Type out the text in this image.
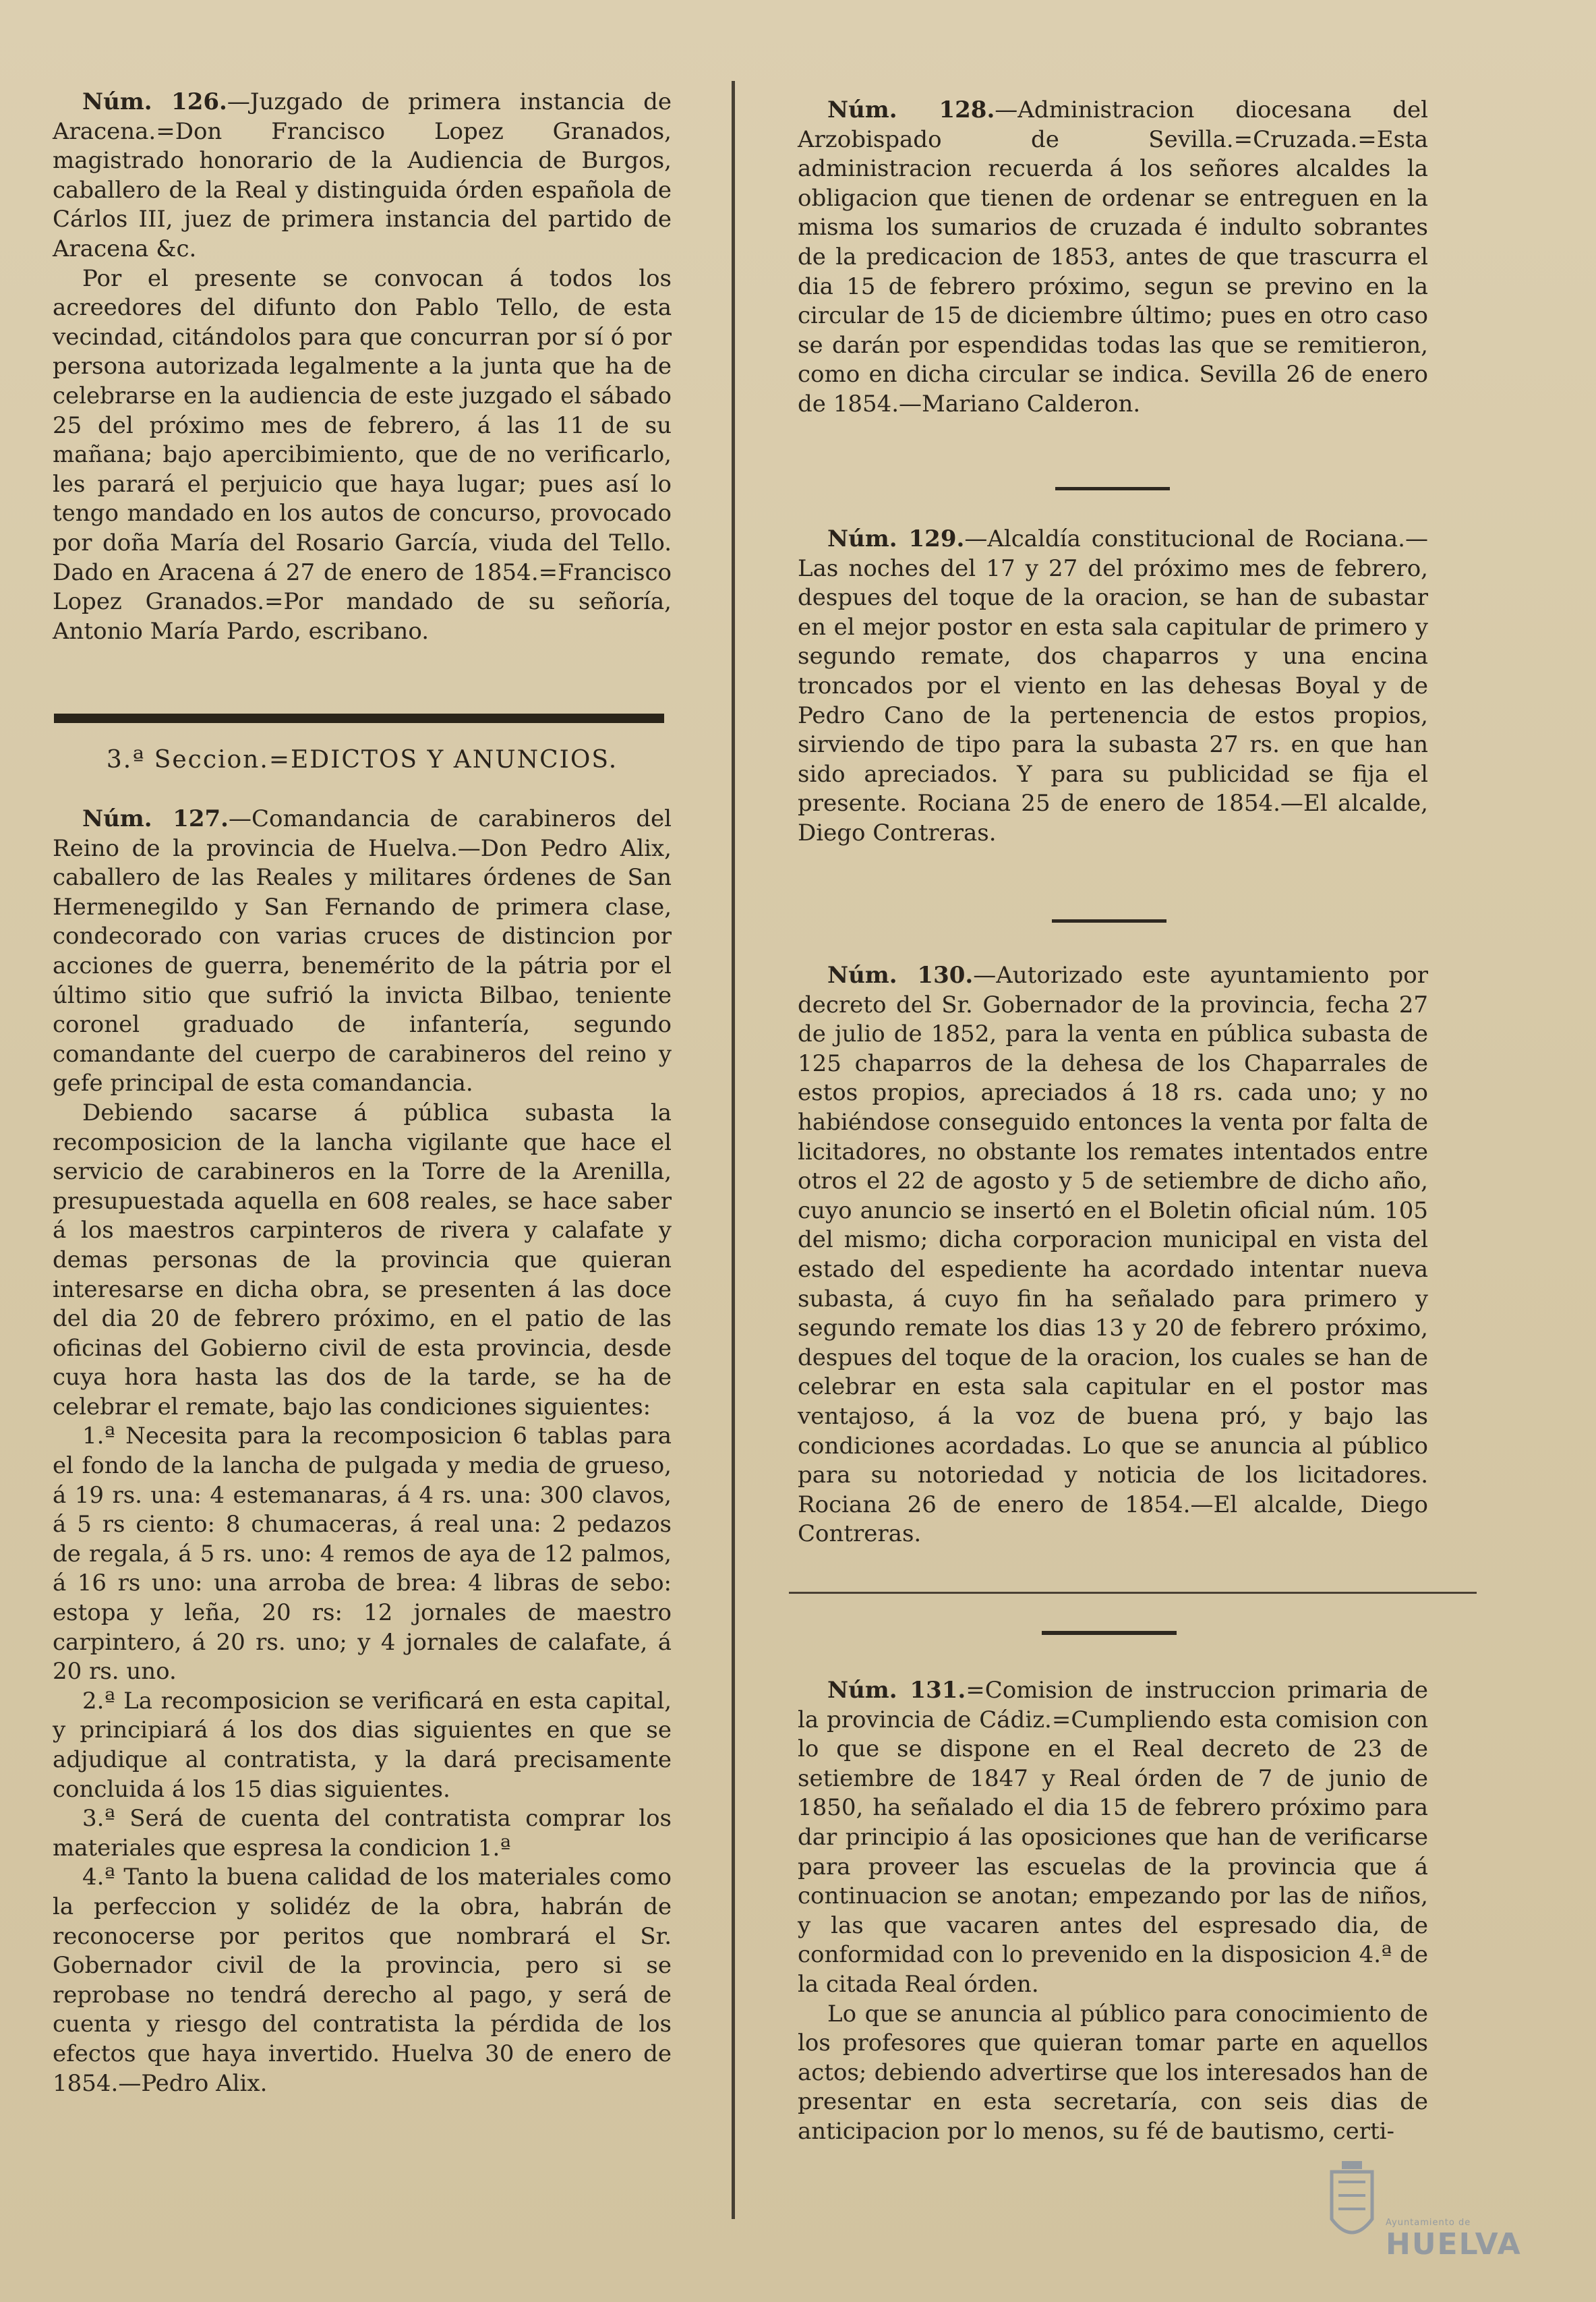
Núm. 126.—Juzgado de primera instancia de Aracena.=Don Francisco Lopez Granados, magistrado honorario de la Audiencia de Burgos, caballero de la Real y distinguida órden española de Cárlos III, juez de primera instancia del partido de Aracena &c.

Por el presente se convocan á todos los acreedores del difunto don Pablo Tello, de esta vecindad, citándolos para que concurran por sí ó por persona autorizada legalmente a la junta que ha de celebrarse en la audiencia de este juzgado el sábado 25 del próximo mes de febrero, á las 11 de su mañana; bajo apercibimiento, que de no verificarlo, les parará el perjuicio que haya lugar; pues así lo tengo mandado en los autos de concurso, provocado por doña María del Rosario García, viuda del Tello. Dado en Aracena á 27 de enero de 1854.=Francisco Lopez Granados.=Por mandado de su señoría, Antonio María Pardo, escribano.

3.ª Seccion.=EDICTOS Y ANUNCIOS.

Núm. 127.—Comandancia de carabineros del Reino de la provincia de Huelva.—Don Pedro Alix, caballero de las Reales y militares órdenes de San Hermenegildo y San Fernando de primera clase, condecorado con varias cruces de distincion por acciones de guerra, benemérito de la pátria por el último sitio que sufrió la invicta Bilbao, teniente coronel graduado de infantería, segundo comandante del cuerpo de carabineros del reino y gefe principal de esta comandancia.

Debiendo sacarse á pública subasta la recomposicion de la lancha vigilante que hace el servicio de carabineros en la Torre de la Arenilla, presupuestada aquella en 608 reales, se hace saber á los maestros carpinteros de rivera y calafate y demas personas de la provincia que quieran interesarse en dicha obra, se presenten á las doce del dia 20 de febrero próximo, en el patio de las oficinas del Gobierno civil de esta provincia, desde cuya hora hasta las dos de la tarde, se ha de celebrar el remate, bajo las condiciones siguientes:

1.ª Necesita para la recomposicion 6 tablas para el fondo de la lancha de pulgada y media de grueso, á 19 rs. una: 4 estemanaras, á 4 rs. una: 300 clavos, á 5 rs ciento: 8 chumaceras, á real una: 2 pedazos de regala, á 5 rs. uno: 4 remos de aya de 12 palmos, á 16 rs uno: una arroba de brea: 4 libras de sebo: estopa y leña, 20 rs: 12 jornales de maestro carpintero, á 20 rs. uno; y 4 jornales de calafate, á 20 rs. uno.

2.ª La recomposicion se verificará en esta capital, y principiará á los dos dias siguientes en que se adjudique al contratista, y la dará precisamente concluida á los 15 dias siguientes.

3.ª Será de cuenta del contratista comprar los materiales que espresa la condicion 1.ª

4.ª Tanto la buena calidad de los materiales como la perfeccion y solidéz de la obra, habrán de reconocerse por peritos que nombrará el Sr. Gobernador civil de la provincia, pero si se reprobase no tendrá derecho al pago, y será de cuenta y riesgo del contratista la pérdida de los efectos que haya invertido. Huelva 30 de enero de 1854.—Pedro Alix.

Núm. 128.—Administracion diocesana del Arzobispado de Sevilla.=Cruzada.=Esta administracion recuerda á los señores alcaldes la obligacion que tienen de ordenar se entreguen en la misma los sumarios de cruzada é indulto sobrantes de la predicacion de 1853, antes de que trascurra el dia 15 de febrero próximo, segun se previno en la circular de 15 de diciembre último; pues en otro caso se darán por espendidas todas las que se remitieron, como en dicha circular se indica. Sevilla 26 de enero de 1854.—Mariano Calderon.

Núm. 129.—Alcaldía constitucional de Rociana.—Las noches del 17 y 27 del próximo mes de febrero, despues del toque de la oracion, se han de subastar en el mejor postor en esta sala capitular de primero y segundo remate, dos chaparros y una encina troncados por el viento en las dehesas Boyal y de Pedro Cano de la pertenencia de estos propios, sirviendo de tipo para la subasta 27 rs. en que han sido apreciados. Y para su publicidad se fija el presente. Rociana 25 de enero de 1854.—El alcalde, Diego Contreras.

Núm. 130.—Autorizado este ayuntamiento por decreto del Sr. Gobernador de la provincia, fecha 27 de julio de 1852, para la venta en pública subasta de 125 chaparros de la dehesa de los Chaparrales de estos propios, apreciados á 18 rs. cada uno; y no habiéndose conseguido entonces la venta por falta de licitadores, no obstante los remates intentados entre otros el 22 de agosto y 5 de setiembre de dicho año, cuyo anuncio se insertó en el Boletin oficial núm. 105 del mismo; dicha corporacion municipal en vista del estado del espediente ha acordado intentar nueva subasta, á cuyo fin ha señalado para primero y segundo remate los dias 13 y 20 de febrero próximo, despues del toque de la oracion, los cuales se han de celebrar en esta sala capitular en el postor mas ventajoso, á la voz de buena pró, y bajo las condiciones acordadas. Lo que se anuncia al público para su notoriedad y noticia de los licitadores. Rociana 26 de enero de 1854.—El alcalde, Diego Contreras.

Núm. 131.=Comision de instruccion primaria de la provincia de Cádiz.=Cumpliendo esta comision con lo que se dispone en el Real decreto de 23 de setiembre de 1847 y Real órden de 7 de junio de 1850, ha señalado el dia 15 de febrero próximo para dar principio á las oposiciones que han de verificarse para proveer las escuelas de la provincia que á continuacion se anotan; empezando por las de niños, y las que vacaren antes del espresado dia, de conformidad con lo prevenido en la disposicion 4.ª de la citada Real órden.

Lo que se anuncia al público para conocimiento de los profesores que quieran tomar parte en aquellos actos; debiendo advertirse que los interesados han de presentar en esta secretaría, con seis dias de anticipacion por lo menos, su fé de bautismo, certi-

Ayuntamiento de
HUELVA
